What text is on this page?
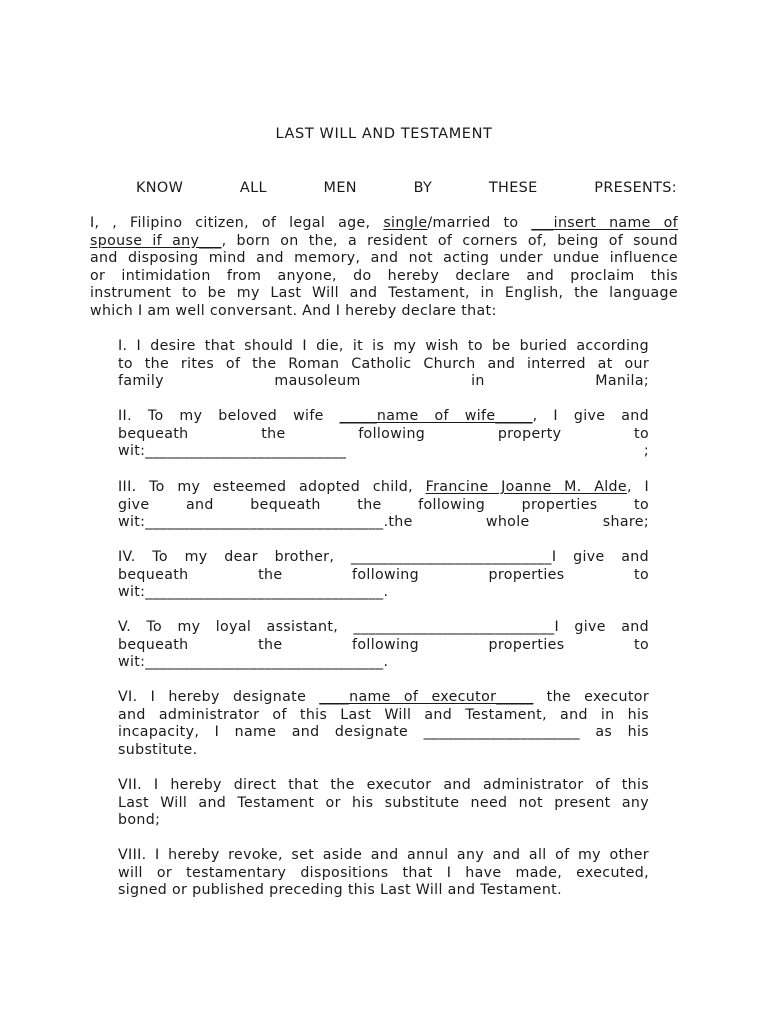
LAST WILL AND TESTAMENT
KNOW	ALL	MEN	BY	THESE	PRESENTS:
I, , Filipino citizen, of legal age, single/married to ___insert name of
spouse if any___, born on the, a resident of corners of, being of sound
and disposing mind and memory, and not acting under undue influence
or intimidation from anyone, do hereby declare and proclaim this
instrument to be my Last Will and Testament, in English, the language
which I am well conversant. And I hereby declare that:
I. I desire that should I die, it is my wish to be buried according
to the rites of the Roman Catholic Church and interred at our
family mausoleum in Manila;
II. To my beloved wife _____name of wife_____, I give and
bequeath the following property to
wit:___________________________ ;
III. To my esteemed adopted child, Francine Joanne M. Alde, I
give and bequeath the following properties to
wit:________________________________.the whole share;
IV. To my dear brother, ___________________________I give and
bequeath the following properties to
wit:________________________________.
V. To my loyal assistant, ___________________________I give and
bequeath the following properties to
wit:________________________________.
VI. I hereby designate ____name of executor_____ the executor
and administrator of this Last Will and Testament, and in his
incapacity, I name and designate _____________________ as his
substitute.
VII. I hereby direct that the executor and administrator of this
Last Will and Testament or his substitute need not present any
bond;
VIII. I hereby revoke, set aside and annul any and all of my other
will or testamentary dispositions that I have made, executed,
signed or published preceding this Last Will and Testament.
